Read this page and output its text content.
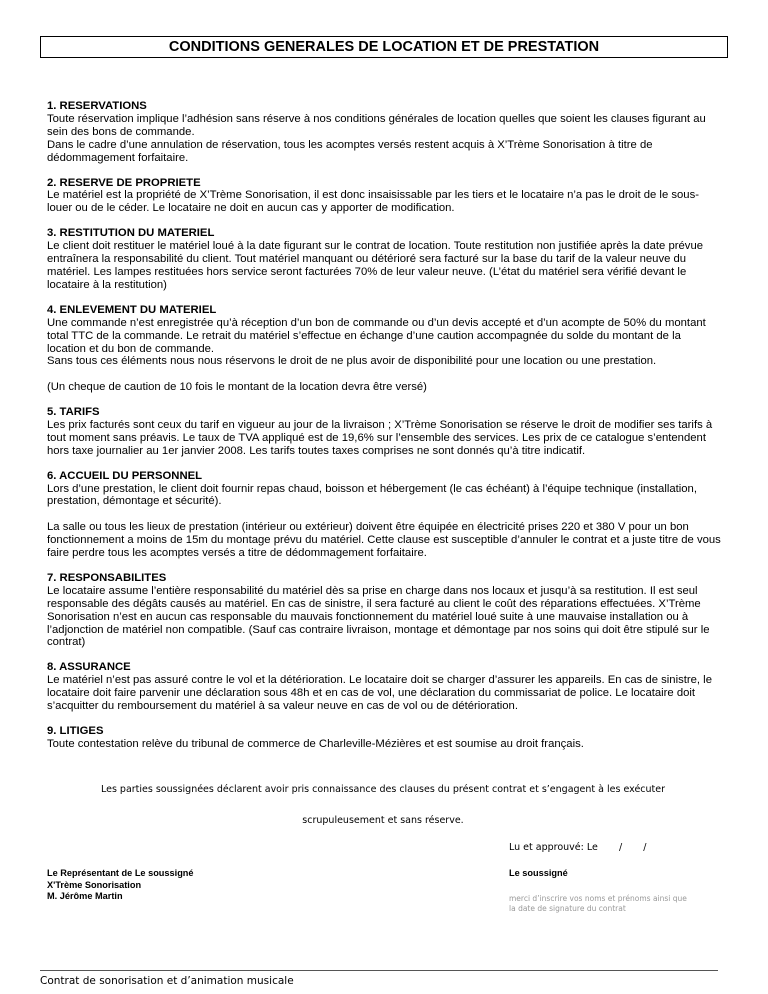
CONDITIONS GENERALES DE LOCATION ET DE PRESTATION
1. RESERVATIONS

Toute réservation implique l’adhésion sans réserve à nos conditions générales de location quelles que soient les clauses figurant au sein des bons de commande.
Dans le cadre d’une annulation de réservation, tous les acomptes versés restent acquis à X’Trème Sonorisation à titre de dédommagement forfaitaire.

2. RESERVE DE PROPRIETE

Le matériel est la propriété de X’Trème Sonorisation, il est donc insaisissable par les tiers et le locataire n’a pas le droit de le sous-louer ou de le céder. Le locataire ne doit en aucun cas y apporter de modification.

3. RESTITUTION DU MATERIEL

Le client doit restituer le matériel loué à la date figurant sur le contrat de location. Toute restitution non justifiée après la date prévue entraînera la responsabilité du client. Tout matériel manquant ou détérioré sera facturé sur la base du tarif de la valeur neuve du matériel. Les lampes restituées hors service seront facturées 70% de leur valeur neuve. (L’état du matériel sera vérifié devant le locataire à la restitution)

4. ENLEVEMENT DU MATERIEL

Une commande n’est enregistrée qu’à réception d’un bon de commande ou d’un devis accepté et d’un acompte de 50% du montant total TTC de la commande. Le retrait du matériel s’effectue en échange d’une caution accompagnée du solde du montant de la location et du bon de commande.
Sans tous ces éléments nous nous réservons le droit de ne plus avoir de disponibilité pour une location ou une prestation.

(Un cheque de caution de 10 fois le montant de la location devra être versé)

5. TARIFS

Les prix facturés sont ceux du tarif en vigueur au jour de la livraison ; X’Trème Sonorisation se réserve le droit de modifier ses tarifs à tout moment sans préavis. Le taux de TVA appliqué est de 19,6% sur l’ensemble des services. Les prix de ce catalogue s’entendent hors taxe journalier au 1er janvier 2008. Les tarifs toutes taxes comprises ne sont donnés qu’à titre indicatif.

6. ACCUEIL DU PERSONNEL

Lors d’une prestation, le client doit fournir repas chaud, boisson et hébergement (le cas échéant) à l’équipe technique (installation, prestation, démontage et sécurité).

La salle ou tous les lieux de prestation (intérieur ou extérieur) doivent être équipée en électricité prises 220 et 380 V pour un bon fonctionnement a moins de 15m du montage prévu du matériel. Cette clause est susceptible d’annuler le contrat et a juste titre de vous faire perdre tous les acomptes versés a titre de dédommagement forfaitaire.

7. RESPONSABILITES

Le locataire assume l’entière responsabilité du matériel dès sa prise en charge dans nos locaux et jusqu’à sa restitution. Il est seul responsable des dégâts causés au matériel. En cas de sinistre, il sera facturé au client le coût des réparations effectuées. X’Trème Sonorisation n’est en aucun cas responsable du mauvais fonctionnement du matériel loué suite à une mauvaise installation ou à l’adjonction de matériel non compatible. (Sauf cas contraire livraison, montage et démontage par nos soins qui doit être stipulé sur le contrat)

8. ASSURANCE

Le matériel n’est pas assuré contre le vol et la détérioration. Le locataire doit se charger d’assurer les appareils. En cas de sinistre, le locataire doit faire parvenir une déclaration sous 48h et en cas de vol, une déclaration du commissariat de police. Le locataire doit s’acquitter du remboursement du matériel à sa valeur neuve en cas de vol ou de détérioration.

9. LITIGES

Toute contestation relève du tribunal de commerce de Charleville-Mézières et est soumise au droit français.

Les parties soussignées déclarent avoir pris connaissance des clauses du présent contrat et s’engagent à les exécuter
scrupuleusement et sans réserve.
Lu et approuvé: Le       /       /
Le Représentant de Le soussigné
X'Trème Sonorisation
M. Jérôme Martin
Le soussigné
merci d’inscrire vos noms et prénoms ainsi que la date de signature du contrat
Contrat de sonorisation et d’animation musicale
